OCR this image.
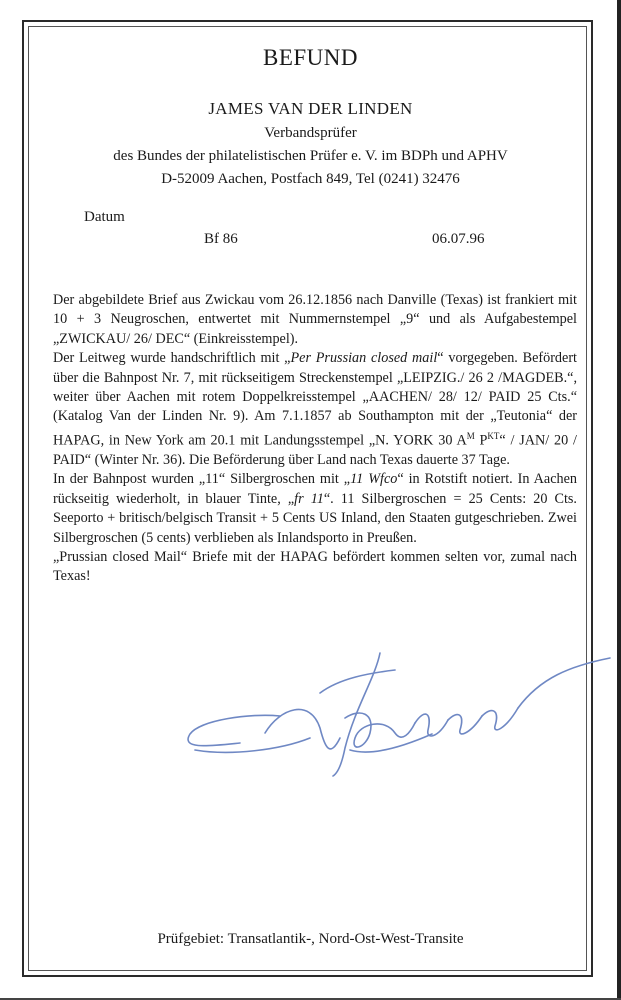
BEFUND
JAMES VAN DER LINDEN
Verbandsprüfer
des Bundes der philatelistischen Prüfer e. V. im BDPh und APHV
D-52009 Aachen, Postfach 849, Tel (0241) 32476
Datum
Bf 86	06.07.96

Der abgebildete Brief aus Zwickau vom 26.12.1856 nach Danville (Texas) ist frankiert mit 10 + 3 Neugroschen, entwertet mit Nummernstempel „9“ und als Aufgabestempel „ZWICKAU/ 26/ DEC“ (Einkreisstempel).

Der Leitweg wurde handschriftlich mit „Per Prussian closed mail“ vorgegeben. Befördert über die Bahnpost Nr. 7, mit rückseitigem Streckenstempel „LEIPZIG./ 26 2 /MAGDEB.“, weiter über Aachen mit rotem Doppelkreisstempel „AACHEN/ 28/ 12/ PAID 25 Cts.“ (Katalog Van der Linden Nr. 9). Am 7.1.1857 ab Southampton mit der „Teutonia“ der HAPAG, in New York am 20.1 mit Landungsstempel „N. YORK 30 $A^M$ $P^{KT}“ / JAN/$ 20 / PAID“ (Winter Nr. 36). Die Beförderung über Land nach Texas dauerte 37 Tage.

In der Bahnpost wurden „11“ Silbergroschen mit „11 Wfco“ in Rotstift notiert. In Aachen rückseitig wiederholt, in blauer Tinte, „fr 11“. 11 Silbergroschen = 25 Cents: 20 Cts. Seeporto + britisch/belgisch Transit + 5 Cents US Inland, den Staaten gutgeschrieben. Zwei Silbergroschen (5 cents) verblieben als Inlandsporto in Preußen.

„Prussian closed Mail“ Briefe mit der HAPAG befördert kommen selten vor, zumal nach Texas!

Prüfgebiet: Transatlantik-, Nord-Ost-West-Transite
